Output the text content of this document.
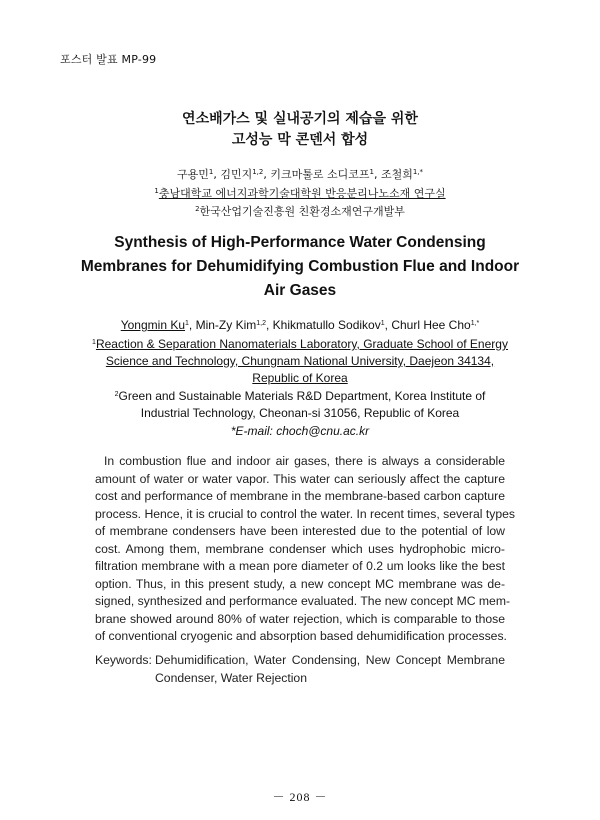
포스터 발표 MP-99
연소배가스 및 실내공기의 제습을 위한
고성능 막 콘덴서 합성
구용민$^1$, 김민지$^{1,2}$, 키크마툴로 소디코프$^1$, 조철희$^{1,*}$
$^1$충남대학교 에너지과학기술대학원 반응분리나노소재 연구실
$^2$한국산업기술진흥원 친환경소재연구개발부
Synthesis of High-Performance Water Condensing
Membranes for Dehumidifying Combustion Flue and Indoor
Air Gases
Yongmin Ku$^1$, Min-Zy Kim$^{1,2}$, Khikmatullo Sodikov$^1$, Churl Hee Cho$^{1,*}$
$^1$Reaction & Separation Nanomaterials Laboratory, Graduate School of Energy
Science and Technology, Chungnam National University, Daejeon 34134,
Republic of Korea
$^2$Green and Sustainable Materials R&D Department, Korea Institute of
Industrial Technology, Cheonan-si 31056, Republic of Korea
*E-mail: choch@cnu.ac.kr
In combustion flue and indoor air gases, there is always a considerable
amount of water or water vapor. This water can seriously affect the capture
cost and performance of membrane in the membrane-based carbon capture
process. Hence, it is crucial to control the water. In recent times, several types
of membrane condensers have been interested due to the potential of low
cost. Among them, membrane condenser which uses hydrophobic micro-
filtration membrane with a mean pore diameter of 0.2 um looks like the best
option. Thus, in this present study, a new concept MC membrane was de-
signed, synthesized and performance evaluated. The new concept MC mem-
brane showed around 80% of water rejection, which is comparable to those
of conventional cryogenic and absorption based dehumidification processes.
Keywords: Dehumidification, Water Condensing, New Concept Membrane
Condenser, Water Rejection
－ 208 －
